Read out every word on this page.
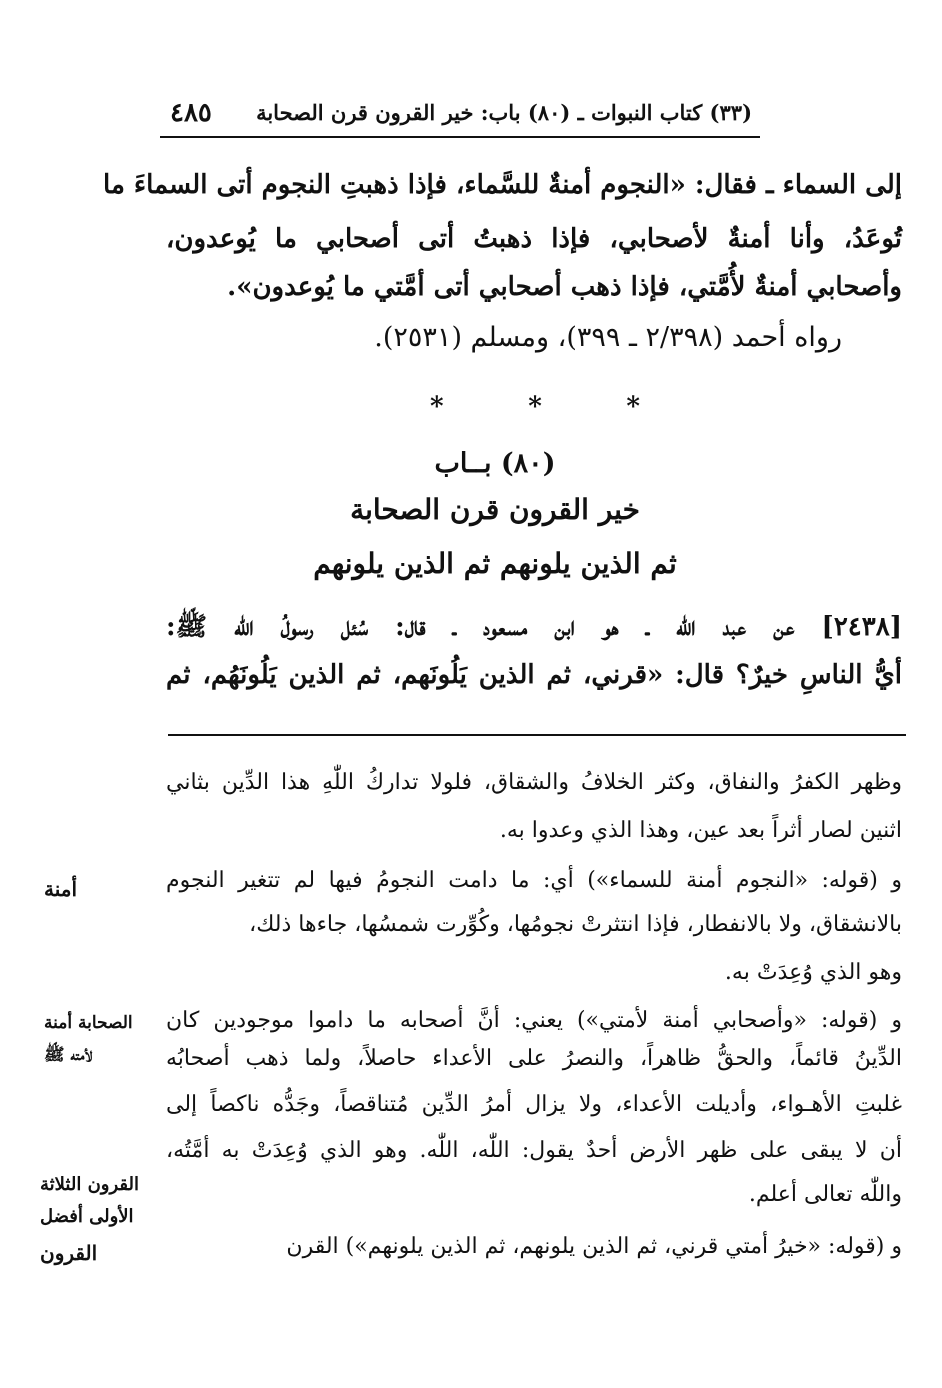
٤٨٥ (٣٣) كتاب النبوات ـ (٨٠) باب: خير القرون قرن الصحابة
إلى السماء ـ فقال: «النجوم أمنةٌ للسَّماء، فإذا ذهبتِ النجوم أتى السماءَ ما
تُوعَدُ، وأنا أمنةٌ لأصحابي، فإذا ذهبتُ أتى أصحابي ما يُوعدون،
وأصحابي أمنةٌ لأُمَّتي، فإذا ذهب أصحابي أتى أمَّتي ما يُوعدون».
رواه أحمد (٢/٣٩٨ ـ ٣٩٩)، ومسلم (٢٥٣١).
*	*	*
(٨٠) بــاب
خير القرون قرن الصحابة
ثم الذين يلونهم ثم الذين يلونهم
[٢٤٣٨] عن عبد الله ـ هو ابن مسعود ـ قال: سُئل رسولُ الله ﷺ:
أيُّ الناسِ خيرٌ؟ قال: «قرني، ثم الذين يَلُونَهم، ثم الذين يَلُونَهُم، ثم
وظهر الكفرُ والنفاق، وكثر الخلافُ والشقاق، فلولا تداركُ اللّٰهِ هذا الدِّين بثاني
اثنين لصار أثراً بعد عين، وهذا الذي وعدوا به.
و (قوله: «النجوم أمنة للسماء») أي: ما دامت النجومُ فيها لم تتغير النجوم
بالانشقاق، ولا بالانفطار، فإذا انتثرتْ نجومُها، وكُوِّرت شمسُها، جاءها ذلك،
وهو الذي وُعِدَتْ به.
و (قوله: «وأصحابي أمنة لأمتي») يعني: أنَّ أصحابه ما داموا موجودين كان
الدِّينُ قائماً، والحقُّ ظاهراً، والنصرُ على الأعداء حاصلاً، ولما ذهب أصحابُه
غلبتِ الأهـواء، وأديلت الأعداء، ولا يزال أمرُ الدِّين مُتناقصاً، وجَدُّه ناكصاً إلى
أن لا يبقى على ظهر الأرض أحدٌ يقول: اللّٰه، اللّٰه. وهو الذي وُعِدَتْ به أمَّتُه،
واللّٰه تعالى أعلم.
و (قوله: «خيرُ أمتي قرني، ثم الذين يلونهم، ثم الذين يلونهم») القرن
أمنة
الصحابة أمنة
لأمته ﷺ
القرون الثلاثة
الأولى أفضل
القرون
